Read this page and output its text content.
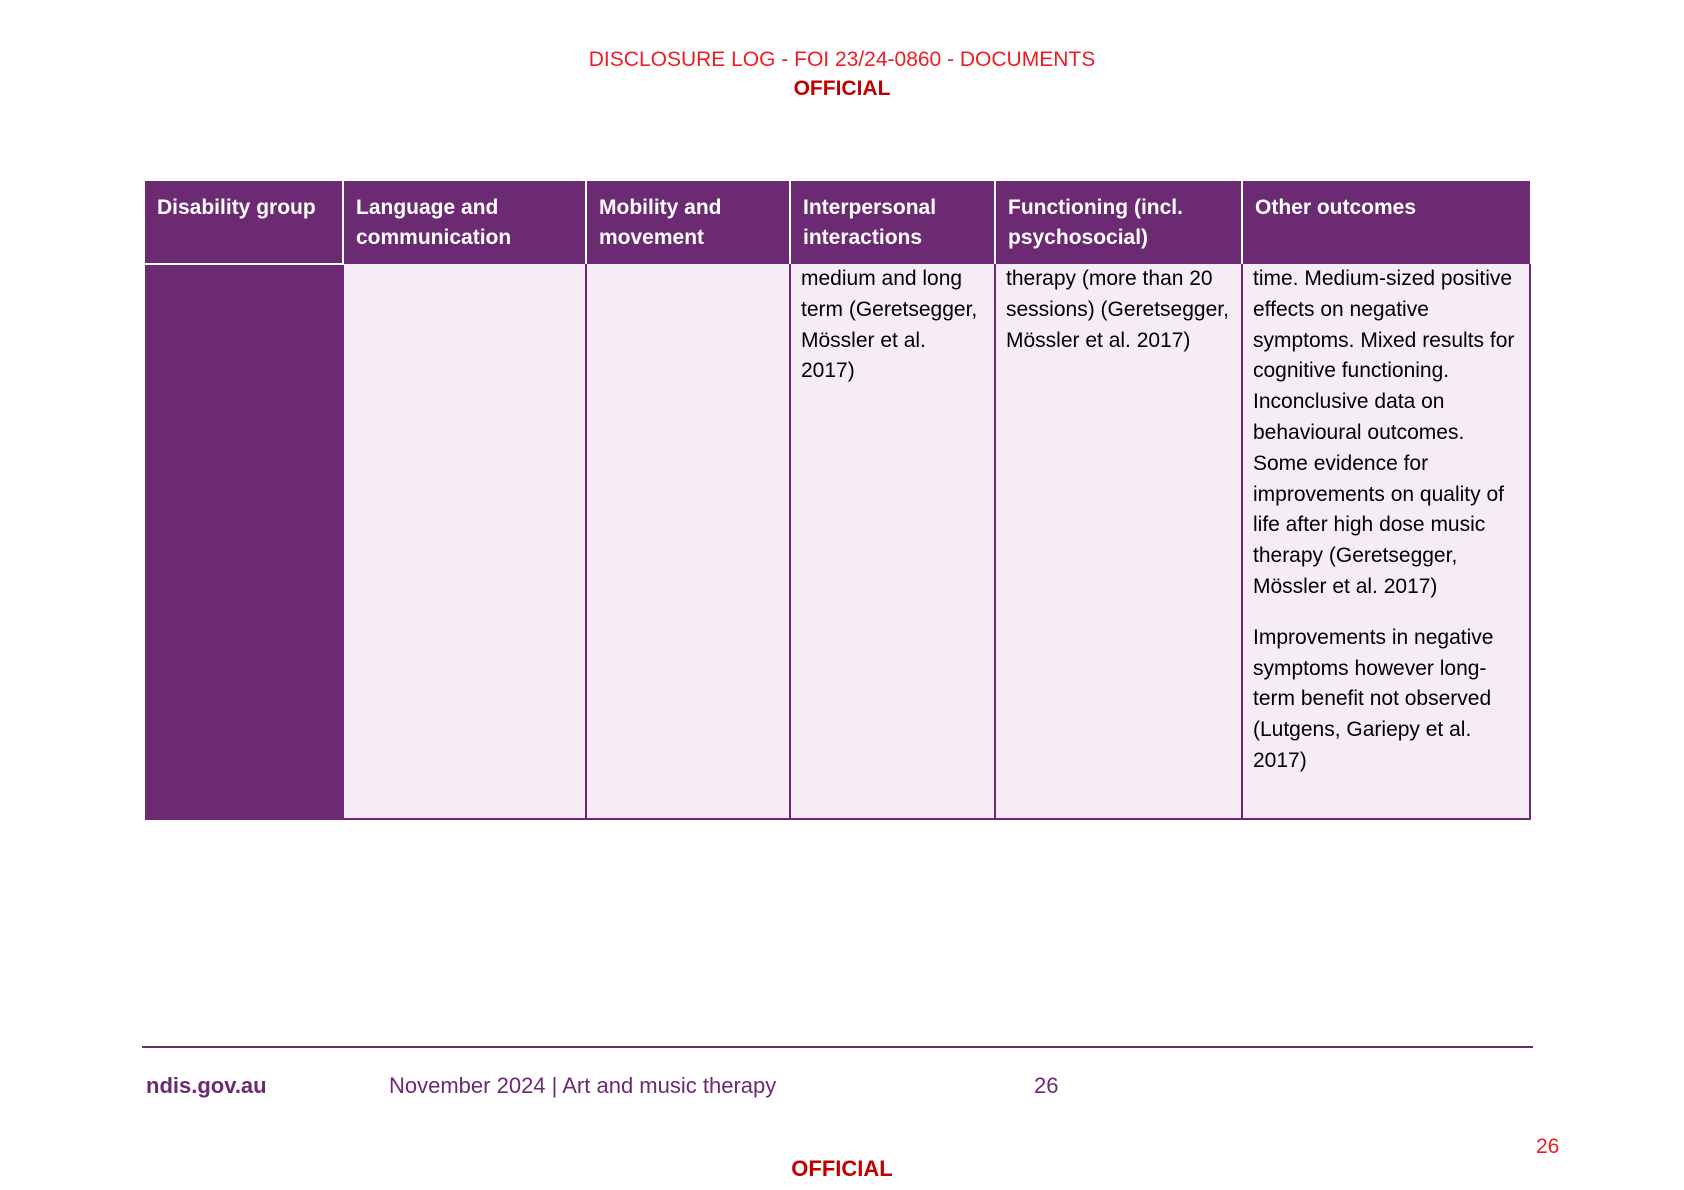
DISCLOSURE LOG - FOI 23/24-0860 - DOCUMENTS
OFFICIAL
Disability group	Language and communication	Mobility and movement	Interpersonal interactions	Functioning (incl. psychosocial)	Other outcomes
			medium and long term (Geretsegger, Mössler et al. 2017)	therapy (more than 20 sessions) (Geretsegger, Mössler et al. 2017)	time. Medium-sized positive effects on negative symptoms. Mixed results for cognitive functioning. Inconclusive data on behavioural outcomes. Some evidence for improvements on quality of life after high dose music therapy (Geretsegger, Mössler et al. 2017)

Improvements in negative symptoms however long-term benefit not observed (Lutgens, Gariepy et al. 2017)

ndis.gov.au	November 2024 | Art and music therapy	26
26
OFFICIAL
